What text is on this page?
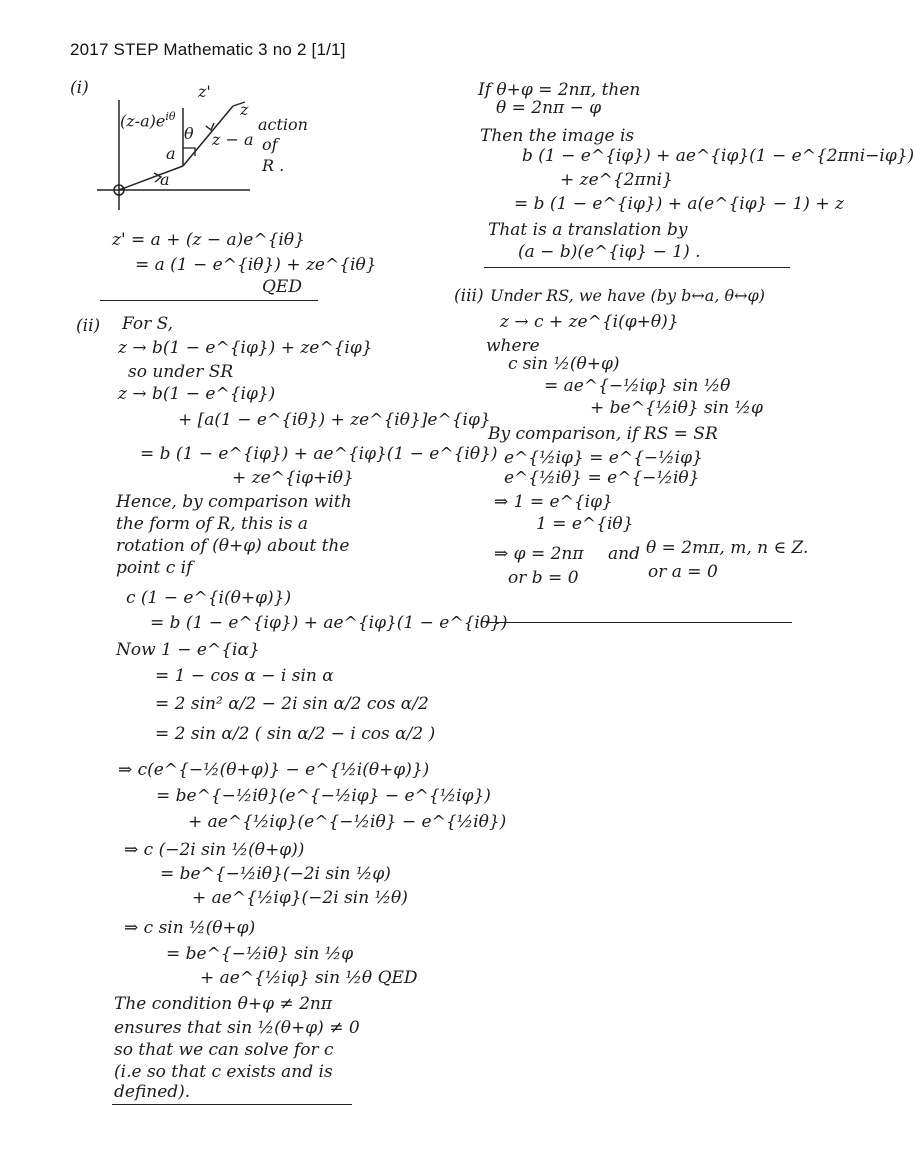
2017 STEP Mathematic 3 no 2 [1/1]
(i)	z'
z
$(z-a)e^{i\theta}$
θ
a
z − a
a
action
of
R .
z' = a + (z − a)e^{iθ}
= a (1 − e^{iθ}) + ze^{iθ}
QED
(ii) For S,
z → b(1 − e^{iφ}) + ze^{iφ}
so under SR
z → b(1 − e^{iφ})
+ [a(1 − e^{iθ}) + ze^{iθ}]e^{iφ}
= b (1 − e^{iφ}) + ae^{iφ}(1 − e^{iθ})
+ ze^{iφ+iθ}
Hence, by comparison with
the form of R, this is a
rotation of (θ+φ) about the
point c if
c (1 − e^{i(θ+φ)})
= b (1 − e^{iφ}) + ae^{iφ}(1 − e^{iθ})
Now 1 − e^{iα}
= 1 − cos α − i sin α
= 2 sin² α/2 − 2i sin α/2 cos α/2
= 2 sin α/2 ( sin α/2 − i cos α/2 )
⇒ c(e^{−½(θ+φ)} − e^{½i(θ+φ)})
= be^{−½iθ}(e^{−½iφ} − e^{½iφ})
+ ae^{½iφ}(e^{−½iθ} − e^{½iθ})
⇒ c (−2i sin ½(θ+φ))
= be^{−½iθ}(−2i sin ½φ)
+ ae^{½iφ}(−2i sin ½θ)
⇒ c sin ½(θ+φ)
= be^{−½iθ} sin ½φ
+ ae^{½iφ} sin ½θ QED
The condition θ+φ ≠ 2nπ
ensures that sin ½(θ+φ) ≠ 0
so that we can solve for c
(i.e so that c exists and is
defined).
If θ+φ = 2nπ, then
θ = 2nπ − φ
Then the image is
b (1 − e^{iφ}) + ae^{iφ}(1 − e^{2πni−iφ})
+ ze^{2πni}
= b (1 − e^{iφ}) + a(e^{iφ} − 1) + z
That is a translation by
(a − b)(e^{iφ} − 1) .
(iii) Under RS, we have (by b↔a, θ↔φ)
z → c + ze^{i(φ+θ)}
where
c sin ½(θ+φ)
= ae^{−½iφ} sin ½θ
+ be^{½iθ} sin ½φ
By comparison, if RS = SR
e^{½iφ} = e^{−½iφ}
e^{½iθ} = e^{−½iθ}
⇒ 1 = e^{iφ}
1 = e^{iθ}
⇒ φ = 2nπ and θ = 2mπ, m, n ∈ Z.
or b = 0	or a = 0
